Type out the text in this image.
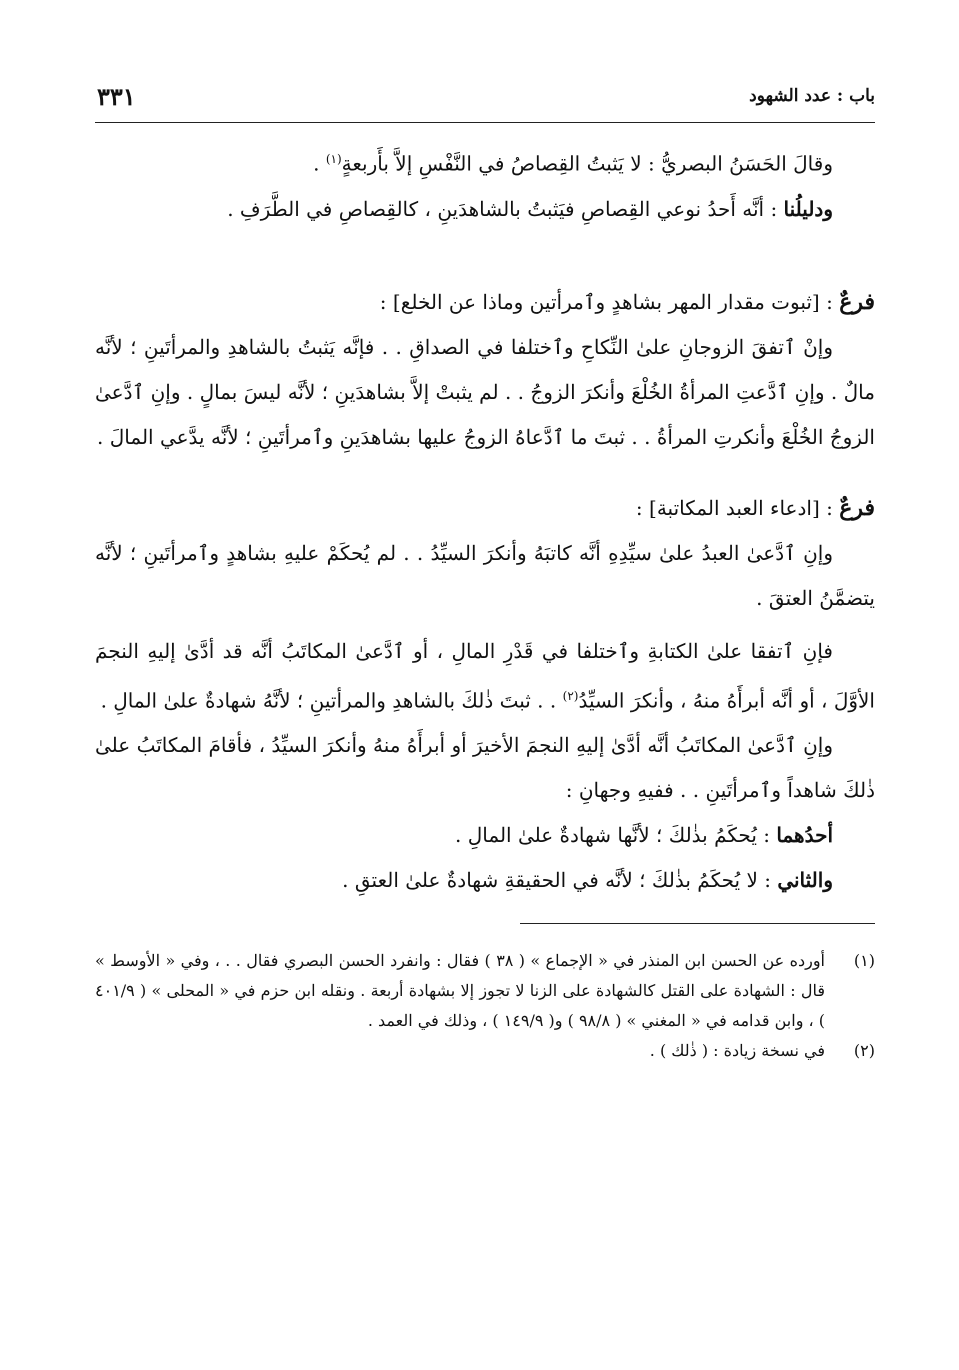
باب : عدد الشهود
٣٣١

وقالَ الحَسَنُ البصريُّ : لا يَثبتُ القِصاصُ في النَّفْسِ إلاَّ بأَربعةٍ$^{(١)}$ .

ودليلُنا : أنَّه أَحدُ نوعي القِصاصِ فيَثبتُ بالشاهدَينِ ، كالقِصاصِ في الطَّرَفِ .

فرعٌ : [ثبوت مقدار المهر بشاهدٍ وٱمرأتين وماذا عن الخلع] :

وإنْ ٱتفقَ الزوجانِ علىٰ النِّكاحِ وٱختلفا في الصداقِ . . فإنَّه يَثبتُ بالشاهدِ والمرأتَينِ ؛ لأنَّه مالٌ . وإنِ ٱدَّعتِ المرأةُ الخُلْعَ وأنكرَ الزوجُ . . لم يثبتْ إلاَّ بشاهدَينِ ؛ لأنَّه ليسَ بمالٍ . وإنِ ٱدَّعىٰ الزوجُ الخُلْعَ وأنكرتِ المرأةُ . . ثبتَ ما ٱدَّعاهُ الزوجُ عليها بشاهدَينِ وٱمرأتَينِ ؛ لأنَّه يدَّعي المالَ .

فرعٌ : [ادعاء العبد المكاتبة] :

وإنِ ٱدَّعىٰ العبدُ علىٰ سيِّدِهِ أنَّه كاتبَهُ وأنكرَ السيِّدُ . . لم يُحكَمْ عليهِ بشاهدٍ وٱمرأتَينِ ؛ لأنَّه يتضمَّنُ العتقَ .

فإنِ ٱتفقا علىٰ الكتابةِ وٱختلفا في قَدْرِ المالِ ، أو ٱدَّعىٰ المكاتَبُ أنَّه قد أدَّىٰ إليهِ النجمَ الأوَّلَ ، أو أنَّه أبرأَهُ منهُ ، وأنكرَ السيِّدُ$^{(٢)}$ . . ثبتَ ذٰلكَ بالشاهدِ والمرأتينِ ؛ لأنَّهُ شهادةٌ علىٰ المالِ .

وإنِ ٱدَّعىٰ المكاتَبُ أنَّه أدَّىٰ إليهِ النجمَ الأخيرَ أو أبرأَهُ منهُ وأنكرَ السيِّدُ ، فأقامَ المكاتَبُ علىٰ ذٰلكَ شاهداً وٱمرأتَينِ . . ففيهِ وجهانِ :

أحدُهما : يُحكَمُ بذٰلكَ ؛ لأنَّها شهادةٌ علىٰ المالِ .

والثاني : لا يُحكَمُ بذٰلكَ ؛ لأنَّه في الحقيقةِ شهادةٌ علىٰ العتقِ .

(١)
أورده عن الحسن ابن المنذر في « الإجماع » ( ٣٨ ) فقال : وانفرد الحسن البصري فقال . . ، وفي « الأوسط » قال : الشهادة على القتل كالشهادة على الزنا لا تجوز إلا بشهادة أربعة . ونقله ابن حزم في « المحلى » ( ٤٠١/٩ ) ، وابن قدامه في « المغني » ( ٩٨/٨ ) و( ١٤٩/٩ ) ، وذلك في العمد .
(٢)
في نسخة زيادة : ( ذٰلك ) .
